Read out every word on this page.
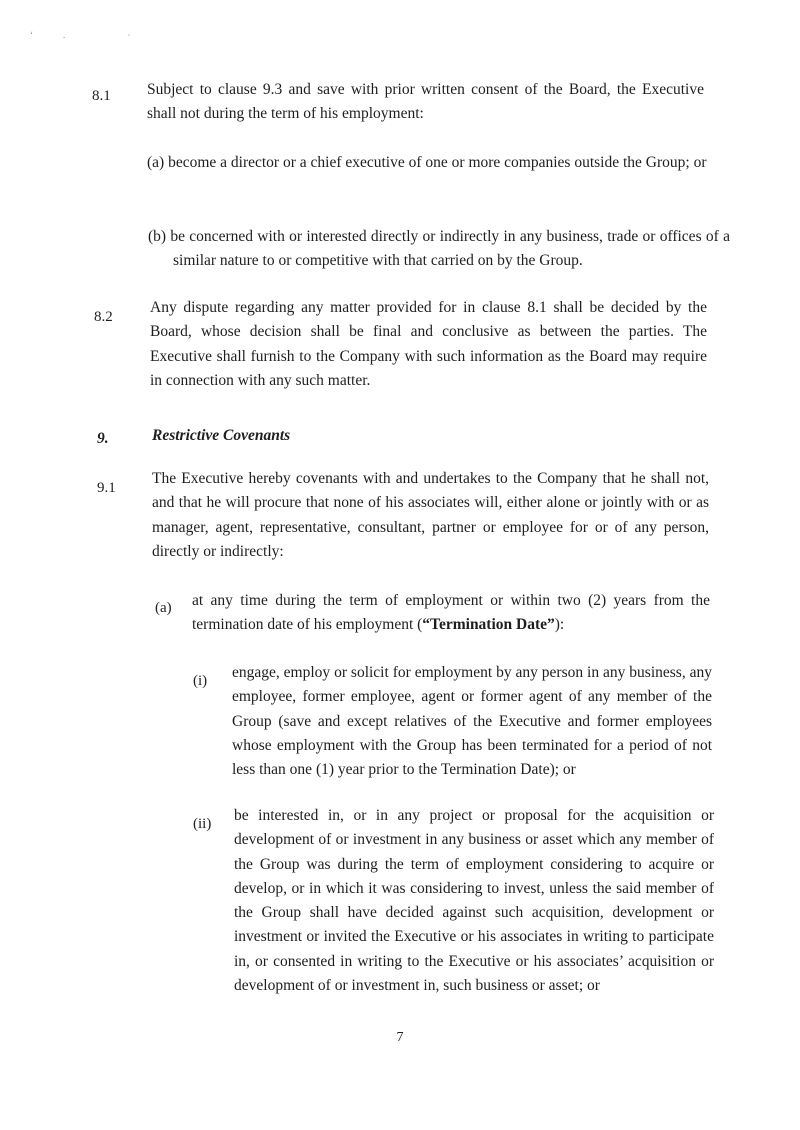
‘. ·
8.1 Subject to clause 9.3 and save with prior written consent of the Board, the Executive shall not during the term of his employment:

(a) become a director or a chief executive of one or more companies outside the Group; or

(b) be concerned with or interested directly or indirectly in any business, trade or offices of a similar nature to or competitive with that carried on by the Group.

8.2

Any dispute regarding any matter provided for in clause 8.1 shall be decided by the Board, whose decision shall be final and conclusive as between the parties. The Executive shall furnish to the Company with such information as the Board may require in connection with any such matter.

9.	Restrictive Covenants
9.1

The Executive hereby covenants with and undertakes to the Company that he shall not, and that he will procure that none of his associates will, either alone or jointly with or as manager, agent, representative, consultant, partner or employee for or of any person, directly or indirectly:

(a) at any time during the term of employment or within two (2) years from the termination date of his employment (“Termination Date”):

(i) engage, employ or solicit for employment by any person in any business, any employee, former employee, agent or former agent of any member of the Group (save and except relatives of the Executive and former employees whose employment with the Group has been terminated for a period of not less than one (1) year prior to the Termination Date); or

(ii) be interested in, or in any project or proposal for the acquisition or development of or investment in any business or asset which any member of the Group was during the term of employment considering to acquire or develop, or in which it was considering to invest, unless the said member of the Group shall have decided against such acquisition, development or investment or invited the Executive or his associates in writing to participate in, or consented in writing to the Executive or his associates’ acquisition or development of or investment in, such business or asset; or

7
